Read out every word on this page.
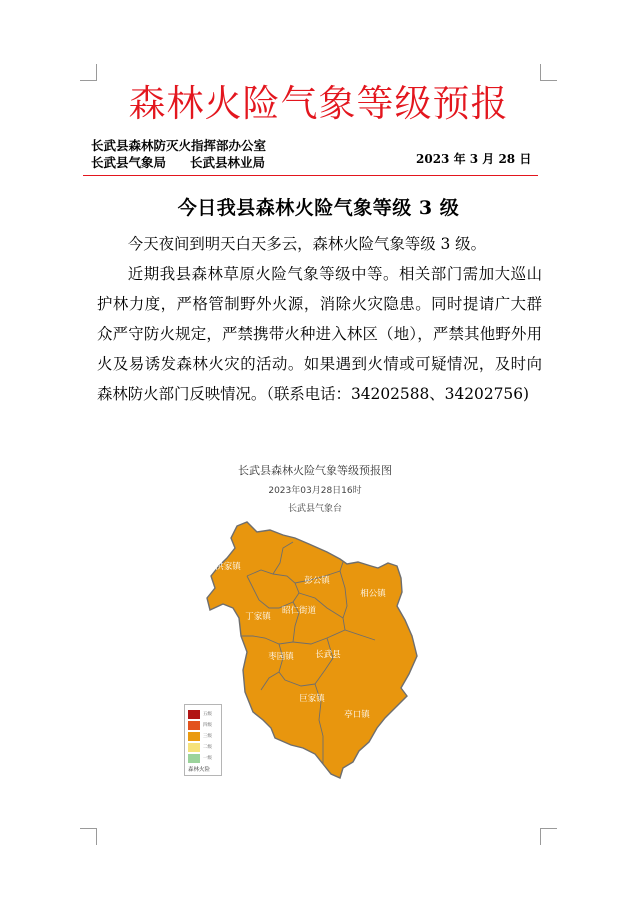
森林火险气象等级预报
长武县森林防灭火指挥部办公室
长武县气象局 长武县林业局	2023 年 3 月 28 日
今日我县森林火险气象等级 3 级

今天夜间到明天白天多云，森林火险气象等级 3 级。

近期我县森林草原火险气象等级中等。相关部门需加大巡山护林力度，严格管制野外火源，消除火灾隐患。同时提请广大群众严守防火规定，严禁携带火种进入林区（地），严禁其他野外用火及易诱发森林火灾的活动。如果遇到火情或可疑情况，及时向森林防火部门反映情况。（联系电话：34202588、34202756)

洪家镇
彭公镇
相公镇
昭仁街道
丁家镇
枣园镇	长武县
巨家镇
亭口镇
长武县森林火险气象等级预报图
2023年03月28日16时
长武县气象台
五级
四级
三级
二级
一级
森林火险
